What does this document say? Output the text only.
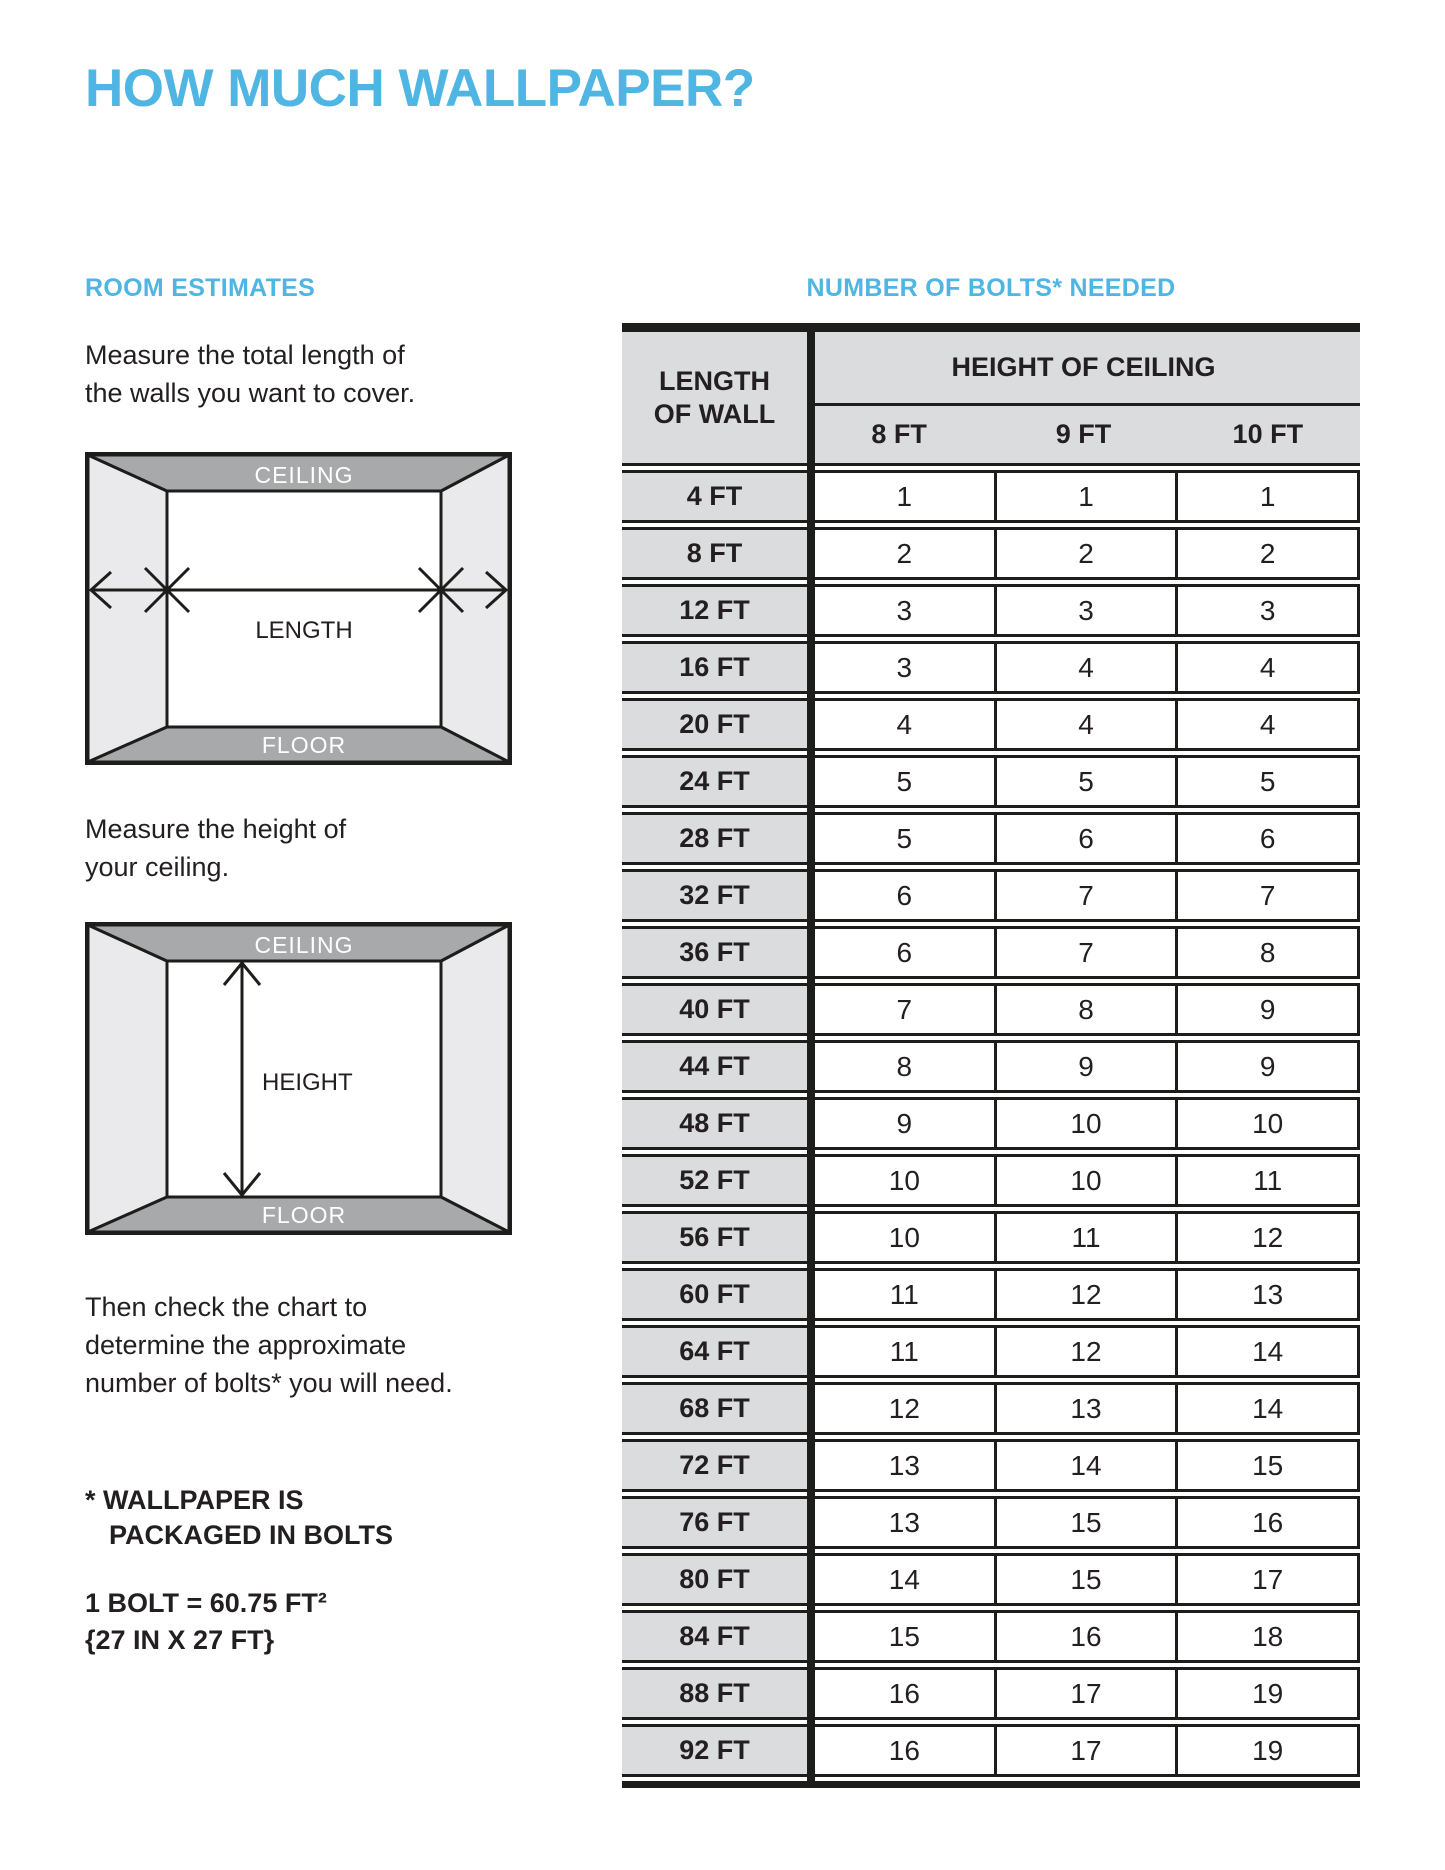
HOW MUCH WALLPAPER?
ROOM ESTIMATES	NUMBER OF BOLTS* NEEDED
Measure the total length of
the walls you want to cover.
CEILING
FLOOR
LENGTH
Measure the height of
your ceiling.
CEILING
FLOOR
HEIGHT
Then check the chart to
determine the approximate
number of bolts* you will need.
* WALLPAPER IS
PACKAGED IN BOLTS
1 BOLT = 60.75 FT²
{27 IN X 27 FT}
LENGTH
OF WALL
HEIGHT OF CEILING
8 FT	9 FT	10 FT
4 FT	1	1	1
8 FT	2	2	2
12 FT	3	3	3
16 FT	3	4	4
20 FT	4	4	4
24 FT	5	5	5
28 FT	5	6	6
32 FT	6	7	7
36 FT	6	7	8
40 FT	7	8	9
44 FT	8	9	9
48 FT	9	10	10
52 FT	10	10	11
56 FT	10	11	12
60 FT	11	12	13
64 FT	11	12	14
68 FT	12	13	14
72 FT	13	14	15
76 FT	13	15	16
80 FT	14	15	17
84 FT	15	16	18
88 FT	16	17	19
92 FT	16	17	19
